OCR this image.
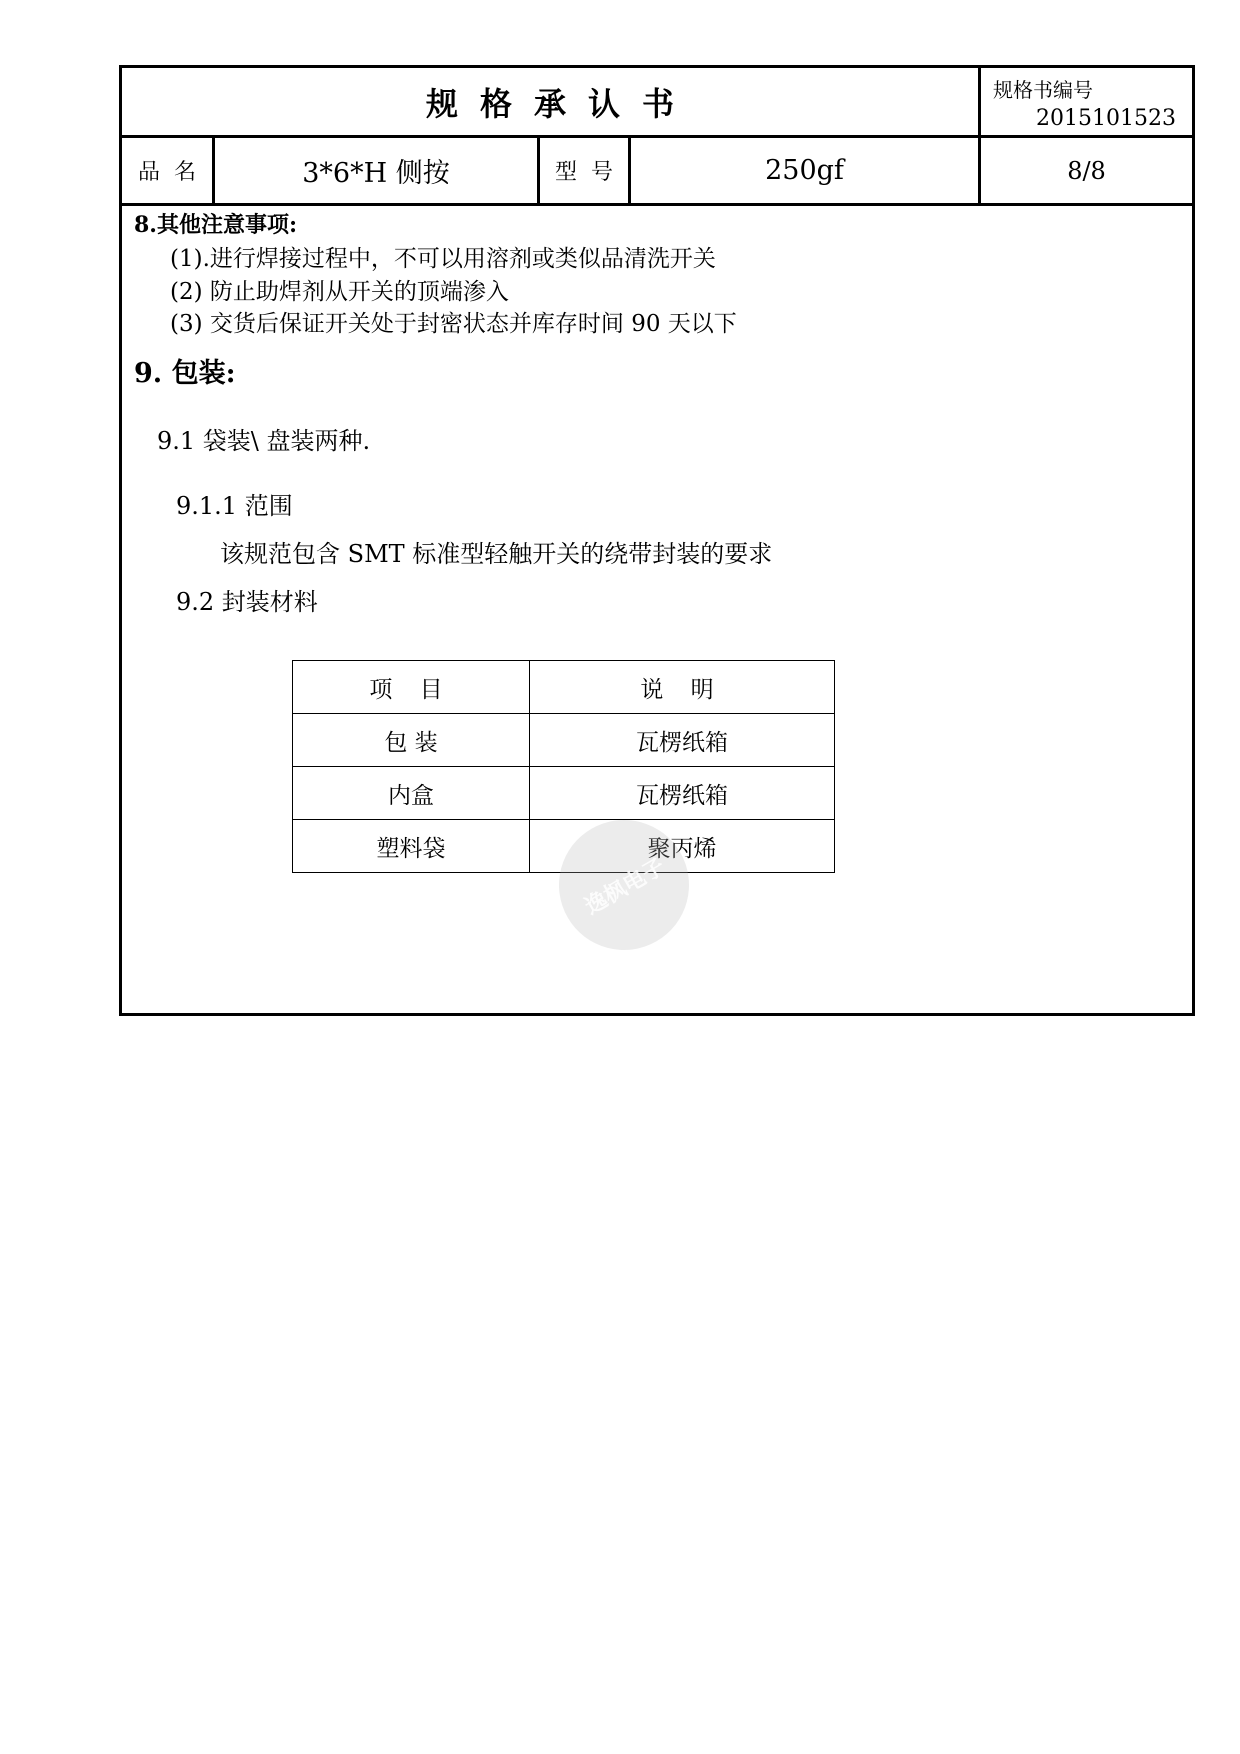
规格承认书	规格书编号
2015101523
品名	3*6*H 侧按	型号	250gf	8/8
8.其他注意事项:
(1).进行焊接过程中，不可以用溶剂或类似品清洗开关
(2) 防止助焊剂从开关的顶端渗入
(3) 交货后保证开关处于封密状态并库存时间 90 天以下
9. 包装:
9.1 袋装\ 盘装两种.
9.1.1 范围
该规范包含 SMT 标准型轻触开关的绕带封装的要求
9.2 封装材料
项 目	说 明
包 装	瓦楞纸箱
内盒	瓦楞纸箱
塑料袋	聚丙烯
逸枫电子
